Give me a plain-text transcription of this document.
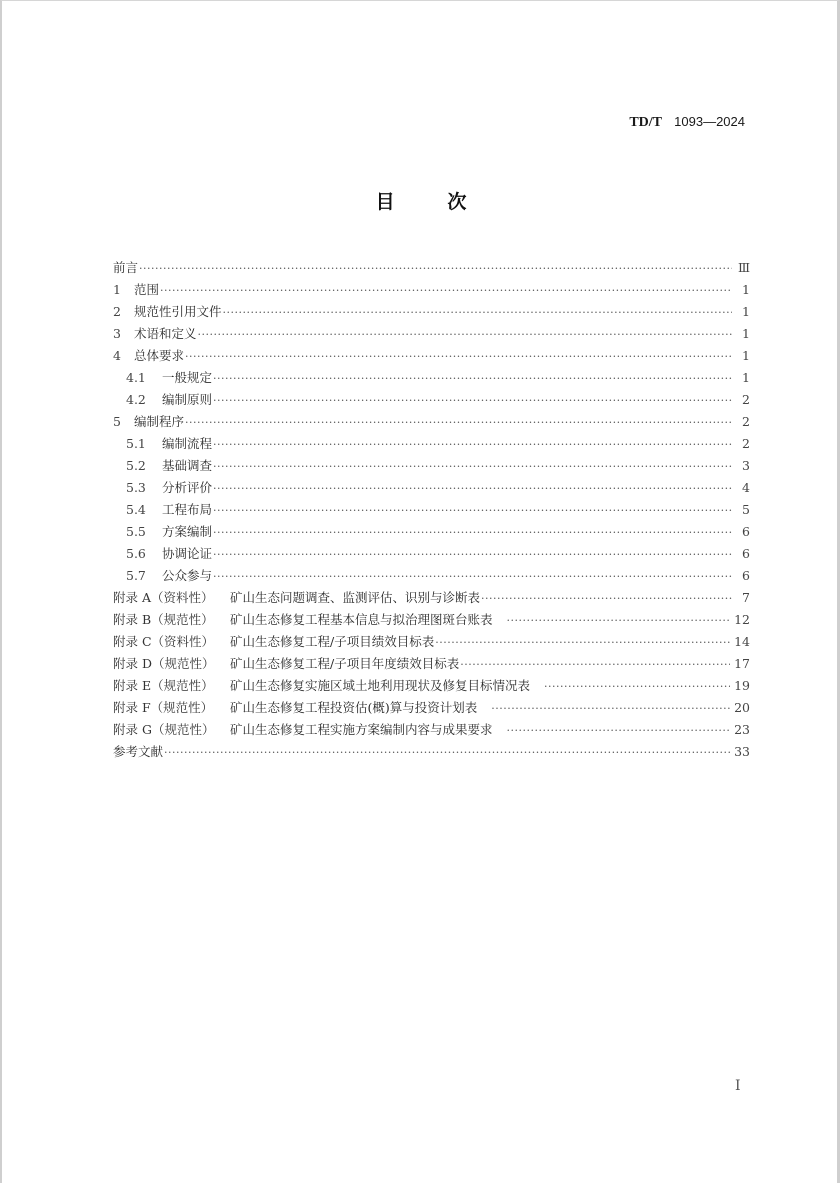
TD/T 1093—2024
目	次
前言 ·····	Ⅲ
1	范围 ·····	1
2	规范性引用文件 ·····	1
3	术语和定义 ·····	1
4	总体要求 ·····	1
4.1	一般规定 ·····	1
4.2	编制原则 ·····	2
5	编制程序 ·····	2
5.1	编制流程 ·····	2
5.2	基础调查 ·····	3
5.3	分析评价 ·····	4
5.4	工程布局 ·····	5
5.5	方案编制 ·····	6
5.6	协调论证 ·····	6
5.7	公众参与 ·····	6
附录 A（资料性）	矿山生态问题调查、监测评估、识别与诊断表 ·····	7
附录 B（规范性）	矿山生态修复工程基本信息与拟治理图斑台账表 ·····	12
附录 C（资料性）	矿山生态修复工程/子项目绩效目标表 ·····	14
附录 D（规范性）	矿山生态修复工程/子项目年度绩效目标表 ·····	17
附录 E（规范性）	矿山生态修复实施区域土地利用现状及修复目标情况表 ·····	19
附录 F（规范性）	矿山生态修复工程投资估(概)算与投资计划表 ·····	20
附录 G（规范性）	矿山生态修复工程实施方案编制内容与成果要求 ·····	23
参考文献 ·····	33
I
